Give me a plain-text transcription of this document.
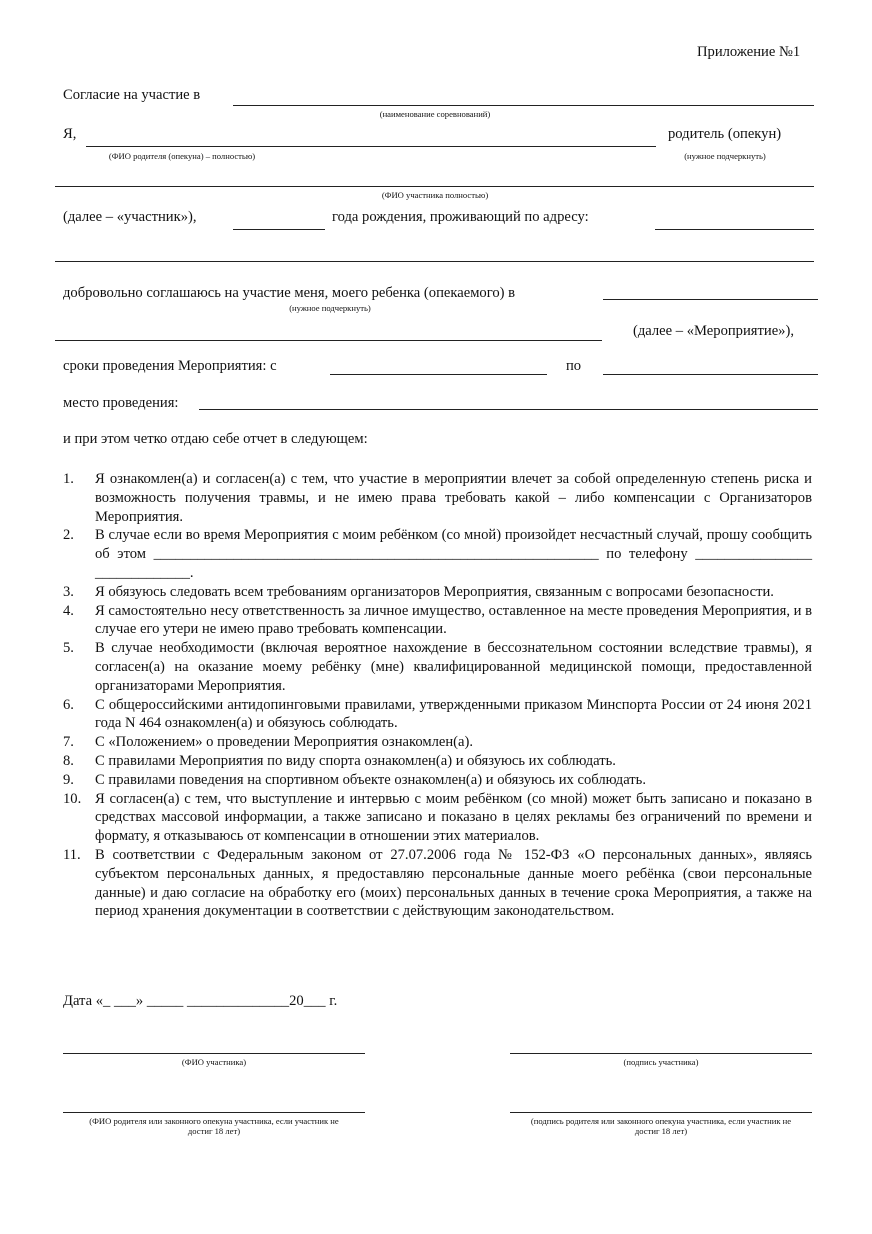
Приложение №1
Согласие на участие в
(наименование соревнований)
Я,	родитель (опекун)
(ФИО родителя (опекуна) – полностью)	(нужное подчеркнуть)
(ФИО участника полностью)
(далее – «участник»),	года рождения, проживающий по адресу:
добровольно соглашаюсь на участие меня, моего ребенка (опекаемого) в
(нужное подчеркнуть)
(далее – «Мероприятие»),
сроки проведения Мероприятия: с	по
место проведения:
и при этом четко отдаю себе отчет в следующем:
1.	Я ознакомлен(а) и согласен(а) с тем, что участие в мероприятии влечет за собой определенную степень риска и возможность получения травмы, и не имею права требовать какой – либо компенсации с Организаторов Мероприятия.
2.	В случае если во время Мероприятия с моим ребёнком (со мной) произойдет несчастный случай, прошу сообщить об этом _____________________________________________________________ по телефону ________________ _____________.
3.	Я обязуюсь следовать всем требованиям организаторов Мероприятия, связанным с вопросами безопасности.
4.	Я самостоятельно несу ответственность за личное имущество, оставленное на месте проведения Мероприятия, и в случае его утери не имею право требовать компенсации.
5.	В случае необходимости (включая вероятное нахождение в бессознательном состоянии вследствие травмы), я согласен(а) на оказание моему ребёнку (мне) квалифицированной медицинской помощи, предоставленной организаторами Мероприятия.
6.	С общероссийскими антидопинговыми правилами, утвержденными приказом Минспорта России от 24 июня 2021 года N 464 ознакомлен(а) и обязуюсь соблюдать.
7.	С «Положением» о проведении Мероприятия ознакомлен(а).
8.	С правилами Мероприятия по виду спорта ознакомлен(а) и обязуюсь их соблюдать.
9.	С правилами поведения на спортивном объекте ознакомлен(а) и обязуюсь их соблюдать.
10. Я согласен(а) с тем, что выступление и интервью с моим ребёнком (со мной) может быть записано и показано в средствах массовой информации, а также записано и показано в целях рекламы без ограничений по времени и формату, я отказываюсь от компенсации в отношении этих материалов.
11. В соответствии с Федеральным законом от 27.07.2006 года № 152-ФЗ «О персональных данных», являясь субъектом персональных данных, я предоставляю персональные данные моего ребёнка (свои персональные данные) и даю согласие на обработку его (моих) персональных данных в течение срока Мероприятия, а также на период хранения документации в соответствии с действующим законодательством.
Дата «_ ___» _____ ______________20___ г.
(ФИО участника)	(подпись участника)
(ФИО родителя или законного опекуна участника, если участник не достиг 18 лет)
(подпись родителя или законного опекуна участника, если участник не достиг 18 лет)
